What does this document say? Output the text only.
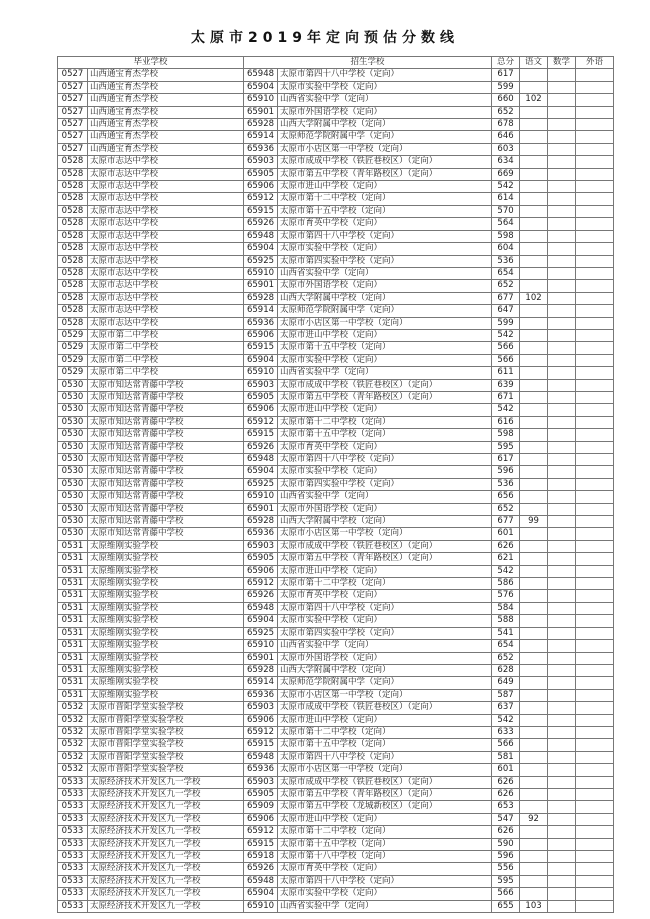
太原市2019年定向预估分数线
毕业学校		招生学校		总分	语文	数学	外语
0527	山西通宝育杰学校	65948	太原市第四十八中学校（定向）	617			
0527	山西通宝育杰学校	65904	太原市实验中学校（定向）	599			
0527	山西通宝育杰学校	65910	山西省实验中学（定向）	660	102		
0527	山西通宝育杰学校	65901	太原市外国语学校（定向）	652			
0527	山西通宝育杰学校	65928	山西大学附属中学校（定向）	678			
0527	山西通宝育杰学校	65914	太原师范学院附属中学（定向）	646			
0527	山西通宝育杰学校	65936	太原市小店区第一中学校（定向）	603			
0528	太原市志达中学校	65903	太原市成成中学校（铁匠巷校区）（定向）	634			
0528	太原市志达中学校	65905	太原市第五中学校（青年路校区）（定向）	669			
0528	太原市志达中学校	65906	太原市进山中学校（定向）	542			
0528	太原市志达中学校	65912	太原市第十二中学校（定向）	614			
0528	太原市志达中学校	65915	太原市第十五中学校（定向）	570			
0528	太原市志达中学校	65926	太原市育英中学校（定向）	564			
0528	太原市志达中学校	65948	太原市第四十八中学校（定向）	598			
0528	太原市志达中学校	65904	太原市实验中学校（定向）	604			
0528	太原市志达中学校	65925	太原市第四实验中学校（定向）	536			
0528	太原市志达中学校	65910	山西省实验中学（定向）	654			
0528	太原市志达中学校	65901	太原市外国语学校（定向）	652			
0528	太原市志达中学校	65928	山西大学附属中学校（定向）	677	102		
0528	太原市志达中学校	65914	太原师范学院附属中学（定向）	647			
0528	太原市志达中学校	65936	太原市小店区第一中学校（定向）	599			
0529	太原市第二中学校	65906	太原市进山中学校（定向）	542			
0529	太原市第二中学校	65915	太原市第十五中学校（定向）	566			
0529	太原市第二中学校	65904	太原市实验中学校（定向）	566			
0529	太原市第二中学校	65910	山西省实验中学（定向）	611			
0530	太原市知达常青藤中学校	65903	太原市成成中学校（铁匠巷校区）（定向）	639			
0530	太原市知达常青藤中学校	65905	太原市第五中学校（青年路校区）（定向）	671			
0530	太原市知达常青藤中学校	65906	太原市进山中学校（定向）	542			
0530	太原市知达常青藤中学校	65912	太原市第十二中学校（定向）	616			
0530	太原市知达常青藤中学校	65915	太原市第十五中学校（定向）	598			
0530	太原市知达常青藤中学校	65926	太原市育英中学校（定向）	595			
0530	太原市知达常青藤中学校	65948	太原市第四十八中学校（定向）	617			
0530	太原市知达常青藤中学校	65904	太原市实验中学校（定向）	596			
0530	太原市知达常青藤中学校	65925	太原市第四实验中学校（定向）	536			
0530	太原市知达常青藤中学校	65910	山西省实验中学（定向）	656			
0530	太原市知达常青藤中学校	65901	太原市外国语学校（定向）	652			
0530	太原市知达常青藤中学校	65928	山西大学附属中学校（定向）	677	99		
0530	太原市知达常青藤中学校	65936	太原市小店区第一中学校（定向）	601			
0531	太原维刚实验学校	65903	太原市成成中学校（铁匠巷校区）（定向）	626			
0531	太原维刚实验学校	65905	太原市第五中学校（青年路校区）（定向）	621			
0531	太原维刚实验学校	65906	太原市进山中学校（定向）	542			
0531	太原维刚实验学校	65912	太原市第十二中学校（定向）	586			
0531	太原维刚实验学校	65926	太原市育英中学校（定向）	576			
0531	太原维刚实验学校	65948	太原市第四十八中学校（定向）	584			
0531	太原维刚实验学校	65904	太原市实验中学校（定向）	588			
0531	太原维刚实验学校	65925	太原市第四实验中学校（定向）	541			
0531	太原维刚实验学校	65910	山西省实验中学（定向）	654			
0531	太原维刚实验学校	65901	太原市外国语学校（定向）	652			
0531	太原维刚实验学校	65928	山西大学附属中学校（定向）	628			
0531	太原维刚实验学校	65914	太原师范学院附属中学（定向）	649			
0531	太原维刚实验学校	65936	太原市小店区第一中学校（定向）	587			
0532	太原市晋阳学堂实验学校	65903	太原市成成中学校（铁匠巷校区）（定向）	637			
0532	太原市晋阳学堂实验学校	65906	太原市进山中学校（定向）	542			
0532	太原市晋阳学堂实验学校	65912	太原市第十二中学校（定向）	633			
0532	太原市晋阳学堂实验学校	65915	太原市第十五中学校（定向）	566			
0532	太原市晋阳学堂实验学校	65948	太原市第四十八中学校（定向）	581			
0532	太原市晋阳学堂实验学校	65936	太原市小店区第一中学校（定向）	601			
0533	太原经济技术开发区九一学校	65903	太原市成成中学校（铁匠巷校区）（定向）	626			
0533	太原经济技术开发区九一学校	65905	太原市第五中学校（青年路校区）（定向）	626			
0533	太原经济技术开发区九一学校	65909	太原市第五中学校（龙城新校区）（定向）	653			
0533	太原经济技术开发区九一学校	65906	太原市进山中学校（定向）	547	92		
0533	太原经济技术开发区九一学校	65912	太原市第十二中学校（定向）	626			
0533	太原经济技术开发区九一学校	65915	太原市第十五中学校（定向）	590			
0533	太原经济技术开发区九一学校	65918	太原市第十八中学校（定向）	596			
0533	太原经济技术开发区九一学校	65926	太原市育英中学校（定向）	556			
0533	太原经济技术开发区九一学校	65948	太原市第四十八中学校（定向）	595			
0533	太原经济技术开发区九一学校	65904	太原市实验中学校（定向）	566			
0533	太原经济技术开发区九一学校	65910	山西省实验中学（定向）	655	103		
